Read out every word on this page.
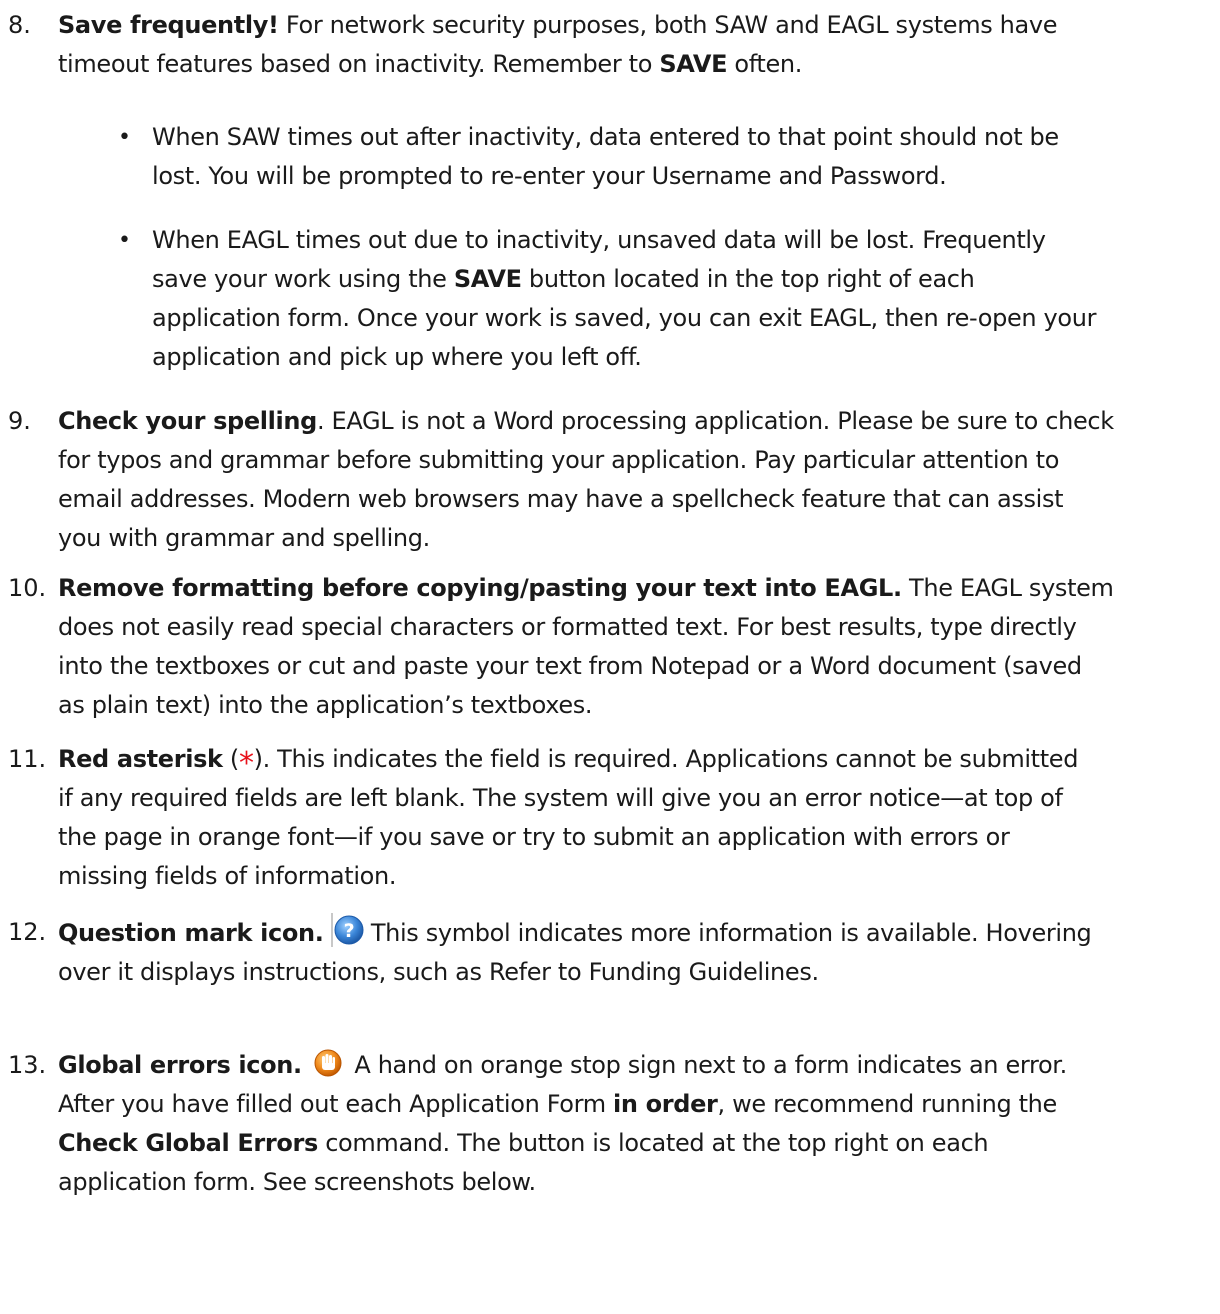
8. Save frequently! For network security purposes, both SAW and EAGL systems have
timeout features based on inactivity. Remember to SAVE often.
• When SAW times out after inactivity, data entered to that point should not be
lost. You will be prompted to re-enter your Username and Password.
• When EAGL times out due to inactivity, unsaved data will be lost. Frequently
save your work using the SAVE button located in the top right of each
application form. Once your work is saved, you can exit EAGL, then re-open your
application and pick up where you left off.
9. Check your spelling. EAGL is not a Word processing application. Please be sure to check
for typos and grammar before submitting your application. Pay particular attention to
email addresses. Modern web browsers may have a spellcheck feature that can assist
you with grammar and spelling.
10. Remove formatting before copying/pasting your text into EAGL. The EAGL system
does not easily read special characters or formatted text. For best results, type directly
into the textboxes or cut and paste your text from Notepad or a Word document (saved
as plain text) into the application’s textboxes.
11. Red asterisk (*). This indicates the field is required. Applications cannot be submitted
if any required fields are left blank. The system will give you an error notice—at top of
the page in orange font—if you save or try to submit an application with errors or
missing fields of information.
12. Question mark icon. ? This symbol indicates more information is available. Hovering
over it displays instructions, such as Refer to Funding Guidelines.
13. Global errors icon.  A hand on orange stop sign next to a form indicates an error.
After you have filled out each Application Form in order, we recommend running the
Check Global Errors command. The button is located at the top right on each
application form. See screenshots below.
